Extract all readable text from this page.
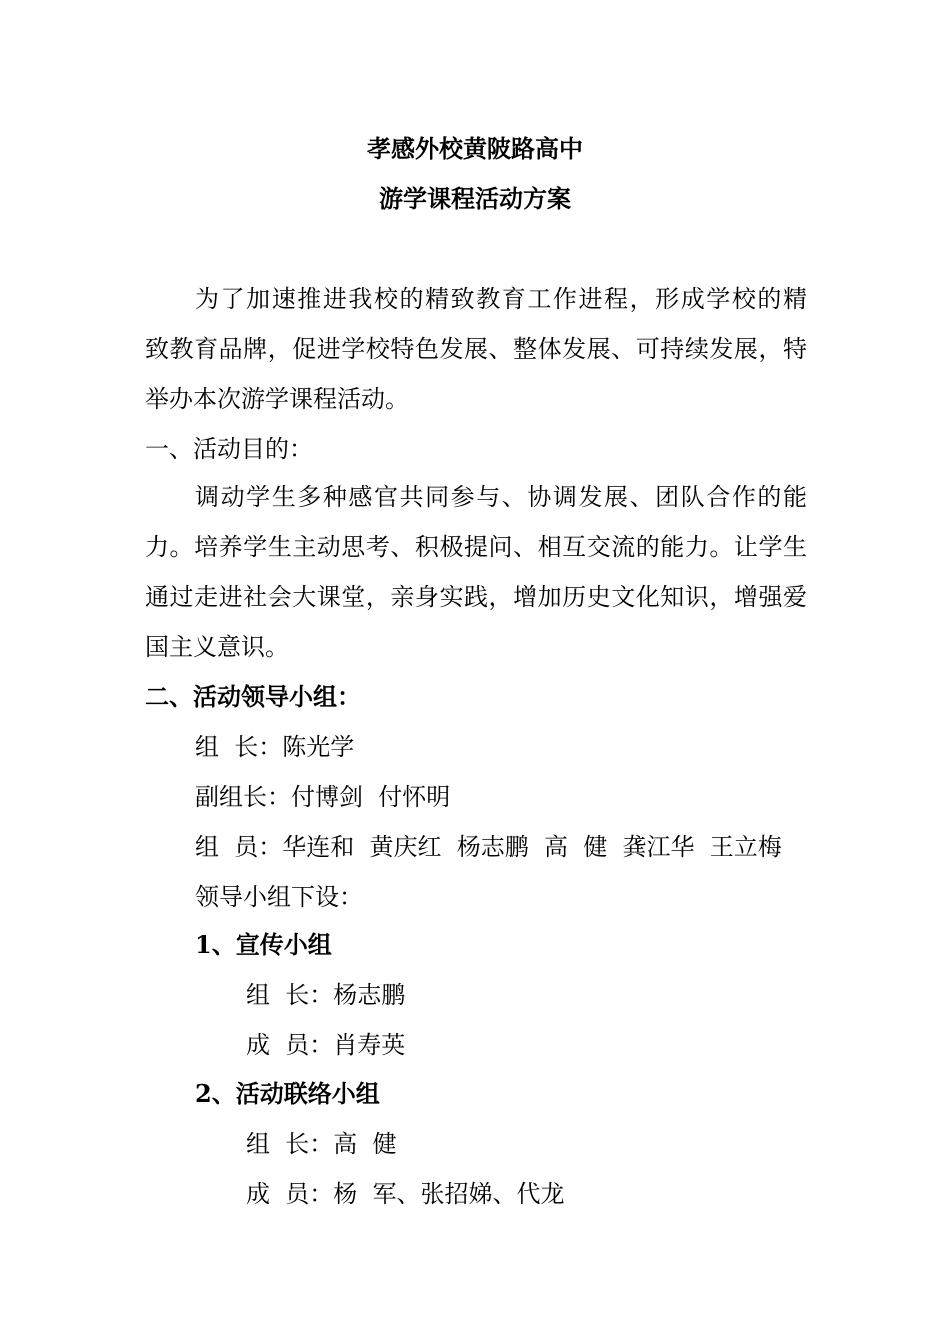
孝感外校黄陂路高中
游学课程活动方案
为了加速推进我校的精致教育工作进程，形成学校的精
致教育品牌，促进学校特色发展、整体发展、可持续发展，特
举办本次游学课程活动。
一、活动目的：
调动学生多种感官共同参与、协调发展、团队合作的能
力。培养学生主动思考、积极提问、相互交流的能力。让学生
通过走进社会大课堂，亲身实践，增加历史文化知识，增强爱
国主义意识。
二、活动领导小组：
组  长：陈光学
副组长：付博剑  付怀明
组  员：华连和  黄庆红  杨志鹏  高  健  龚江华  王立梅
领导小组下设：
1、宣传小组
组  长：杨志鹏
成  员：肖寿英
2、活动联络小组
组  长：高  健
成  员：杨  军、张招娣、代龙
